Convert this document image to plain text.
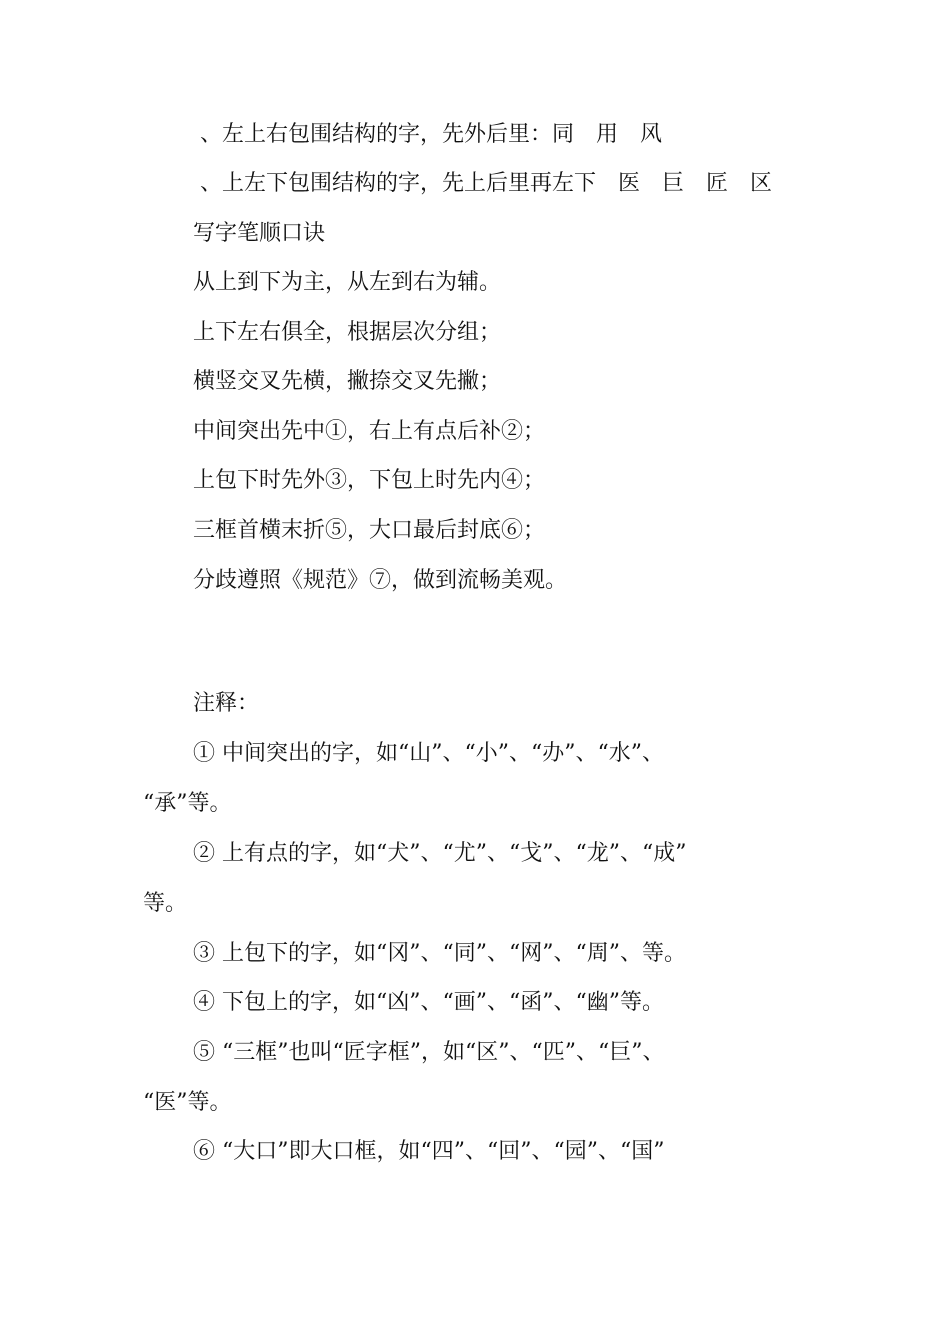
、左上右包围结构的字，先外后里：同　用　风
、上左下包围结构的字，先上后里再左下　医　巨　匠　区
写字笔顺口诀
从上到下为主，从左到右为辅。
上下左右俱全，根据层次分组；
横竖交叉先横，撇捺交叉先撇；
中间突出先中①，右上有点后补②；
上包下时先外③，下包上时先内④；
三框首横末折⑤，大口最后封底⑥；
分歧遵照《规范》⑦，做到流畅美观。
注释：
① 中间突出的字，如“山”、“小”、“办”、“水”、
“承”等。
② 上有点的字，如“犬”、“尤”、“戈”、“龙”、“成”
等。
③ 上包下的字，如“冈”、“同”、“网”、“周”、等。
④ 下包上的字，如“凶”、“画”、“函”、“幽”等。
⑤ “三框”也叫“匠字框”，如“区”、“匹”、“巨”、
“医”等。
⑥ “大口”即大口框，如“四”、“回”、“园”、“国”
